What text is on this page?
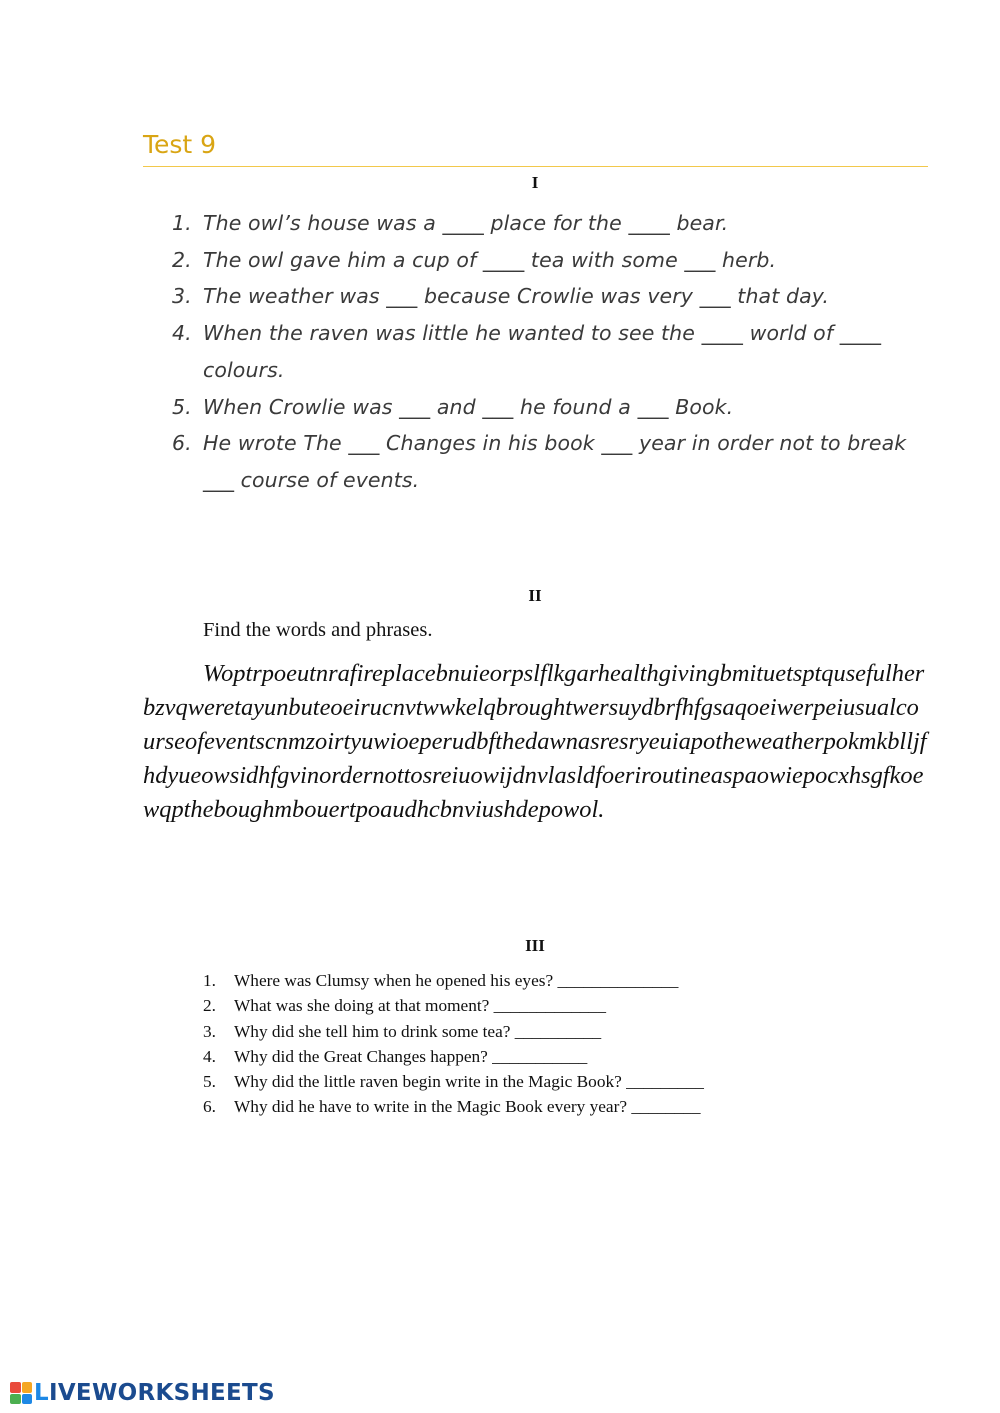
Test 9
I
1. The owl’s house was a ____ place for the ____ bear.
2. The owl gave him a cup of ____ tea with some ___ herb.
3. The weather was ___ because Crowlie was very ___ that day.
4. When the raven was little he wanted to see the ____ world of ____ colours.
5. When Crowlie was ___ and ___ he found a ___ Book.
6. He wrote The ___ Changes in his book ___ year in order not to break ___ course of events.
II

Find the words and phrases.

Woptrpoeutnrafireplacebnuieorpslflkgarhealthgivingbmituetsptqusefulherbzvqweretayunbuteoeirucnvtwwkelqbroughtwersuydbrfhfgsaqoeiwerpeiusualcourseofeventscnmzoirtyuwioeperudbfthedawnasresryeuiapotheweatherpokmkblljfhdyueowsidhfgvinordernottosreiuowijdnvlasldfoeriroutineaspaowiepocxhsgfkoewqptheboughmbouertpoaudhcbnviushdepowol.

III
1.	Where was Clumsy when he opened his eyes? ______________
2.	What was she doing at that moment? _____________
3.	Why did she tell him to drink some tea? __________
4.	Why did the Great Changes happen? ___________
5.	Why did the little raven begin write in the Magic Book? _________
6.	Why did he have to write in the Magic Book every year? ________
L IVEWORKSHEETS
